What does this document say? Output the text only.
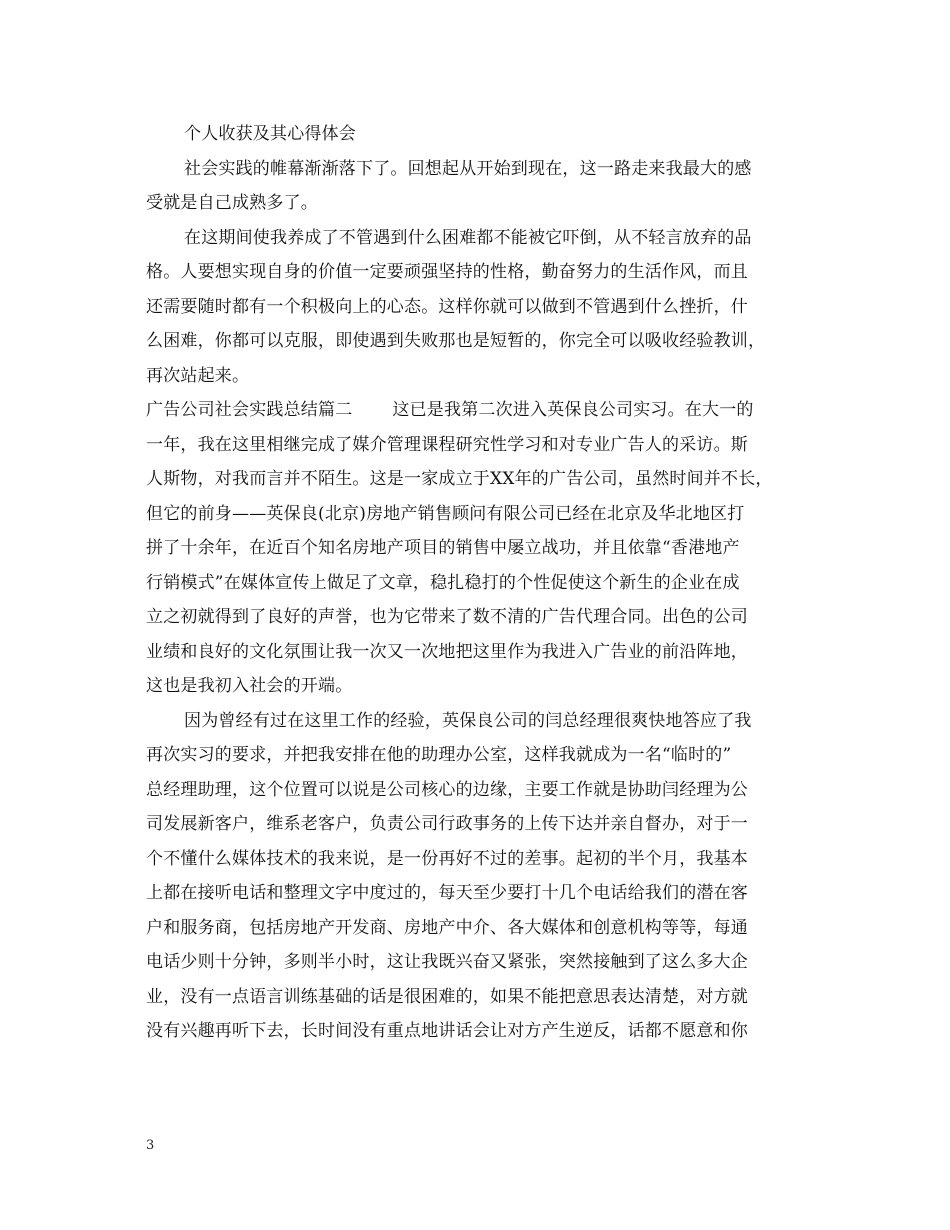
个人收获及其心得体会
社会实践的帷幕渐渐落下了。回想起从开始到现在，这一路走来我最大的感
受就是自己成熟多了。
在这期间使我养成了不管遇到什么困难都不能被它吓倒，从不轻言放弃的品
格。人要想实现自身的价值一定要顽强坚持的性格，勤奋努力的生活作风，而且
还需要随时都有一个积极向上的心态。这样你就可以做到不管遇到什么挫折，什
么困难，你都可以克服，即使遇到失败那也是短暂的，你完全可以吸收经验教训，
再次站起来。
广告公司社会实践总结篇二 这已是我第二次进入英保良公司实习。在大一的
一年，我在这里相继完成了媒介管理课程研究性学习和对专业广告人的采访。斯
人斯物，对我而言并不陌生。这是一家成立于XX年的广告公司，虽然时间并不长，
但它的前身——英保良(北京)房地产销售顾问有限公司已经在北京及华北地区打
拼了十余年，在近百个知名房地产项目的销售中屡立战功，并且依靠“香港地产
行销模式”在媒体宣传上做足了文章，稳扎稳打的个性促使这个新生的企业在成
立之初就得到了良好的声誉，也为它带来了数不清的广告代理合同。出色的公司
业绩和良好的文化氛围让我一次又一次地把这里作为我进入广告业的前沿阵地，
这也是我初入社会的开端。
因为曾经有过在这里工作的经验，英保良公司的闫总经理很爽快地答应了我
再次实习的要求，并把我安排在他的助理办公室，这样我就成为一名“临时的”
总经理助理，这个位置可以说是公司核心的边缘，主要工作就是协助闫经理为公
司发展新客户，维系老客户，负责公司行政事务的上传下达并亲自督办，对于一
个不懂什么媒体技术的我来说，是一份再好不过的差事。起初的半个月，我基本
上都在接听电话和整理文字中度过的，每天至少要打十几个电话给我们的潜在客
户和服务商，包括房地产开发商、房地产中介、各大媒体和创意机构等等，每通
电话少则十分钟，多则半小时，这让我既兴奋又紧张，突然接触到了这么多大企
业，没有一点语言训练基础的话是很困难的，如果不能把意思表达清楚，对方就
没有兴趣再听下去，长时间没有重点地讲话会让对方产生逆反，话都不愿意和你
3
